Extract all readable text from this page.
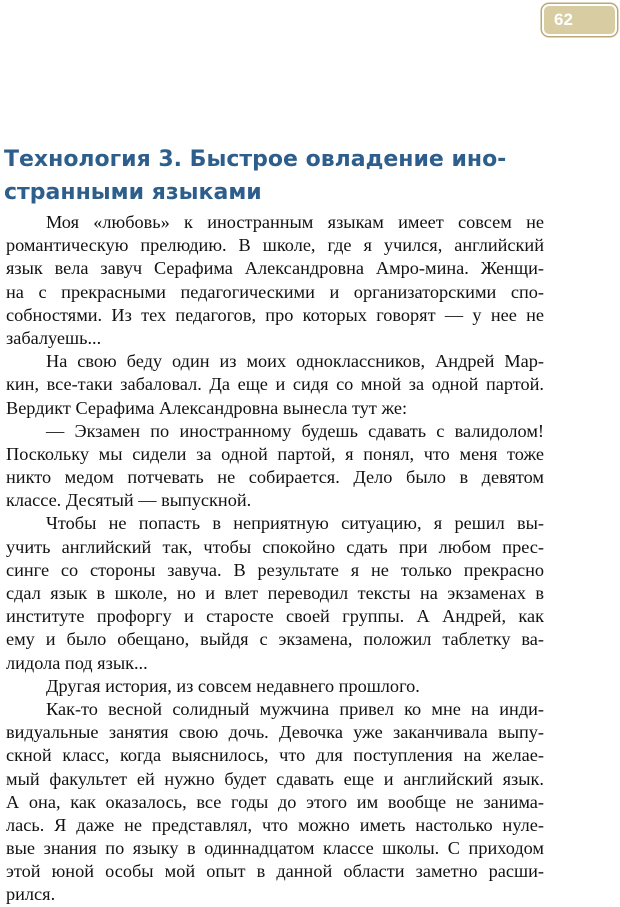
62
Технология 3. Быстрое овладение ино-
странными языками
Моя «любовь» к иностранным языкам имеет совсем не
романтическую прелюдию. В школе, где я учился, английский
язык вела завуч Серафима Александровна Амро-мина. Женщи-
на с прекрасными педагогическими и организаторскими спо-
собностями. Из тех педагогов, про которых говорят — у нее не
забалуешь...
На свою беду один из моих одноклассников, Андрей Мар-
кин, все-таки забаловал. Да еще и сидя со мной за одной партой.
Вердикт Серафима Александровна вынесла тут же:
— Экзамен по иностранному будешь сдавать с валидолом!
Поскольку мы сидели за одной партой, я понял, что меня тоже
никто медом потчевать не собирается. Дело было в девятом
классе. Десятый — выпускной.
Чтобы не попасть в неприятную ситуацию, я решил вы-
учить английский так, чтобы спокойно сдать при любом прес-
синге со стороны завуча. В результате я не только прекрасно
сдал язык в школе, но и влет переводил тексты на экзаменах в
институте профоргу и старосте своей группы. А Андрей, как
ему и было обещано, выйдя с экзамена, положил таблетку ва-
лидола под язык...
Другая история, из совсем недавнего прошлого.
Как-то весной солидный мужчина привел ко мне на инди-
видуальные занятия свою дочь. Девочка уже заканчивала выпу-
скной класс, когда выяснилось, что для поступления на желае-
мый факультет ей нужно будет сдавать еще и английский язык.
А она, как оказалось, все годы до этого им вообще не занима-
лась. Я даже не представлял, что можно иметь настолько нуле-
вые знания по языку в одиннадцатом классе школы. С приходом
этой юной особы мой опыт в данной области заметно расши-
рился.
